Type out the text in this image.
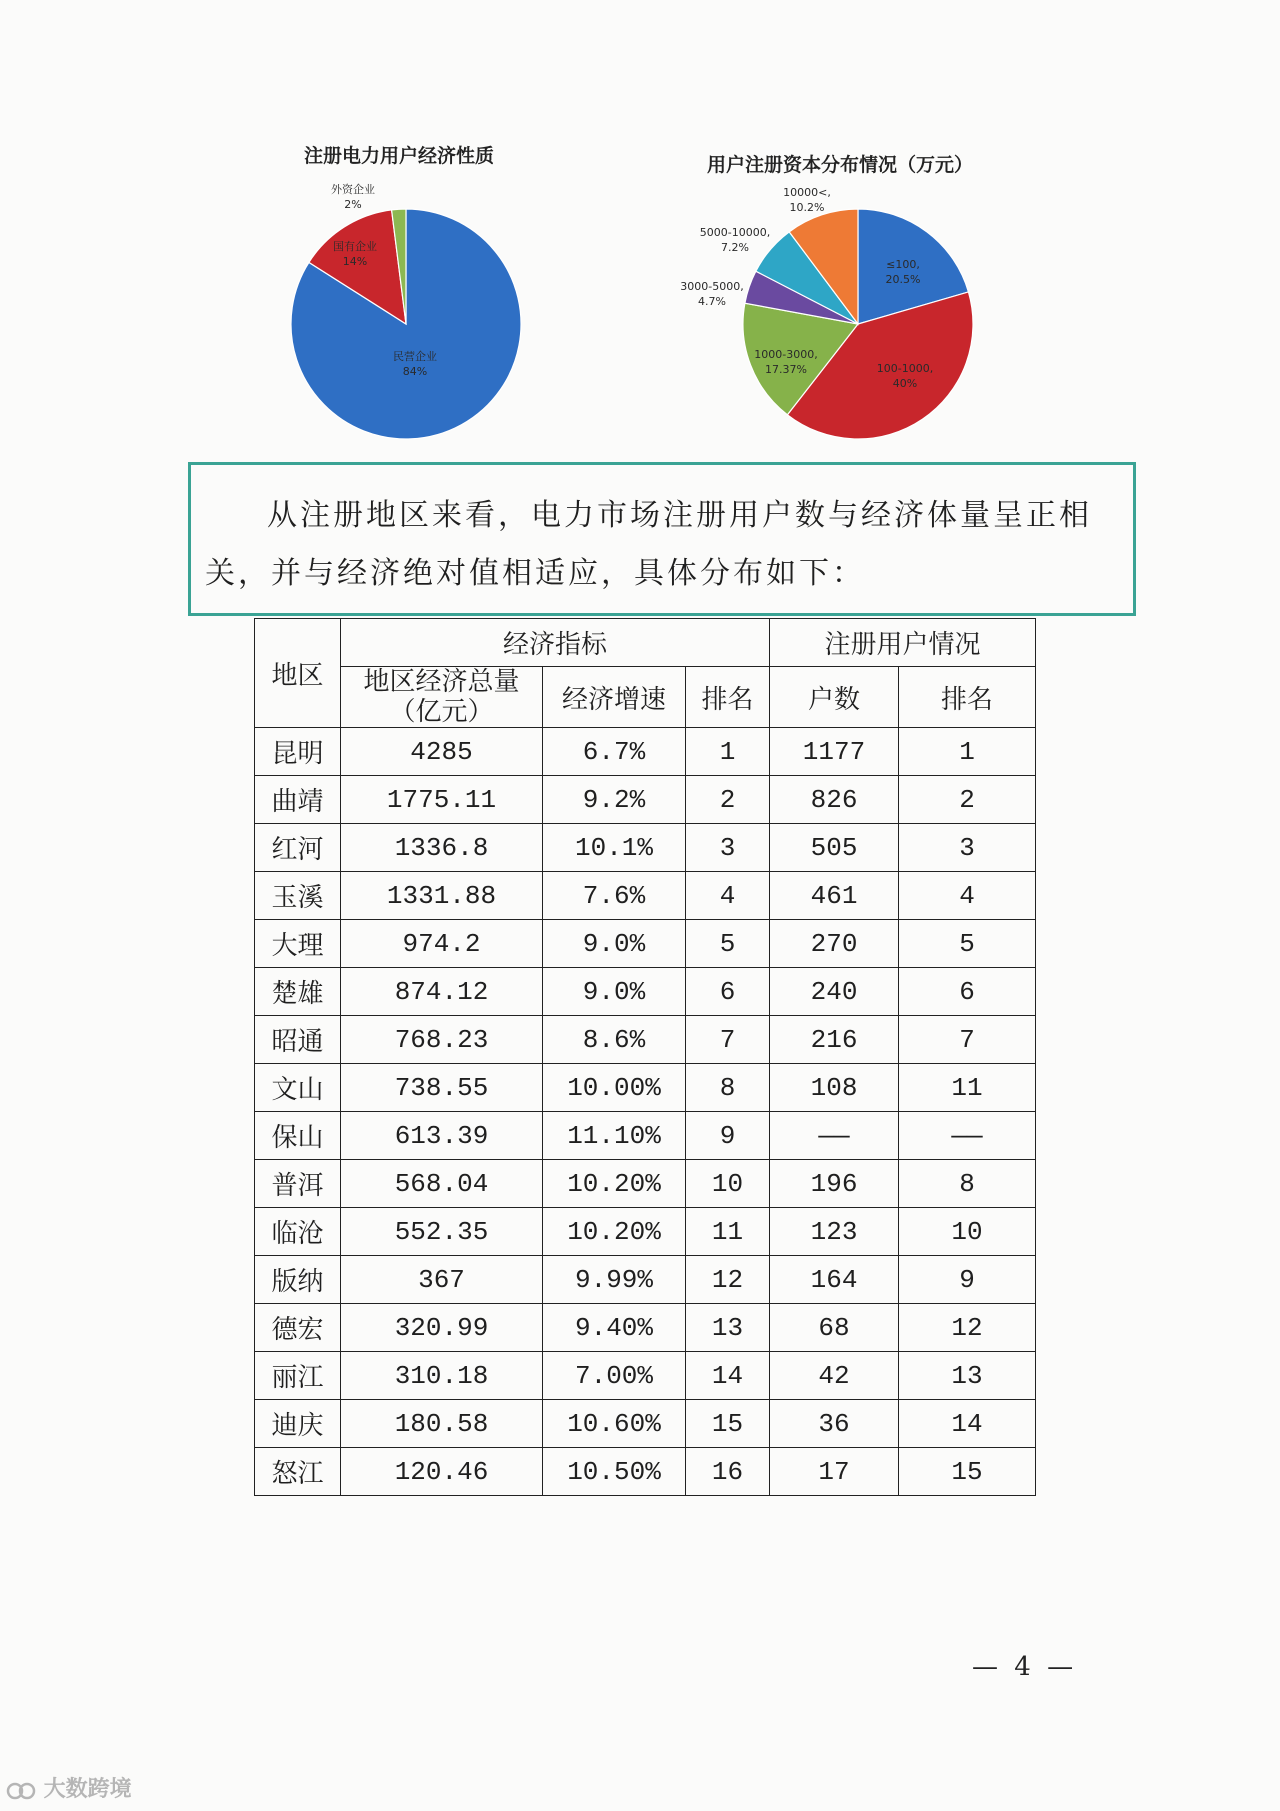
注册电力用户经济性质	用户注册资本分布情况（万元）
民营企业
84%
国有企业
14%
外资企业
2%
≤100,
20.5%
100-1000,
40%
1000-3000,
17.37%
3000-5000,
4.7%
5000-10000,
7.2%
10000<,
10.2%

从注册地区来看，电力市场注册用户数与经济体量呈正相关，并与经济绝对值相适应，具体分布如下：

地区	经济指标			注册用户情况	

	地区经济总量
（亿元）	经济增速	排名	户数	排名
昆明	4285	6.7%	1	1177	1
曲靖	1775.11	9.2%	2	826	2
红河	1336.8	10.1%	3	505	3
玉溪	1331.88	7.6%	4	461	4
大理	974.2	9.0%	5	270	5
楚雄	874.12	9.0%	6	240	6
昭通	768.23	8.6%	7	216	7
文山	738.55	10.00%	8	108	11
保山	613.39	11.10%	9	——	——
普洱	568.04	10.20%	10	196	8
临沧	552.35	10.20%	11	123	10
版纳	367	9.99%	12	164	9
德宏	320.99	9.40%	13	68	12
丽江	310.18	7.00%	14	42	13
迪庆	180.58	10.60%	15	36	14
怒江	120.46	10.50%	16	17	15
— 4 —
大数跨境
